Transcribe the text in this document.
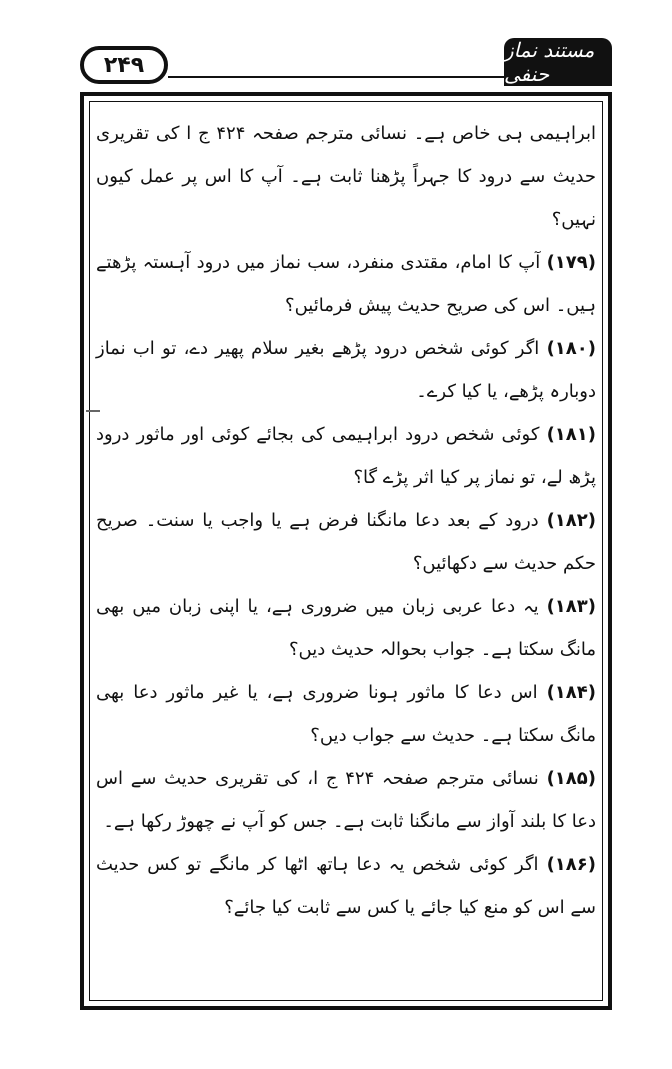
۲۴۹
مستند نماز حنفی

ابراہیمی ہی خاص ہے۔ نسائی مترجم صفحہ ۴۲۴ ج ا کی تقریری حدیث سے درود کا جہراً پڑھنا ثابت ہے۔ آپ کا اس پر عمل کیوں نہیں؟

(۱۷۹) آپ کا امام، مقتدی منفرد، سب نماز میں درود آہستہ پڑھتے ہیں۔ اس کی صریح حدیث پیش فرمائیں؟

(۱۸۰) اگر کوئی شخص درود پڑھے بغیر سلام پھیر دے، تو اب نماز دوبارہ پڑھے، یا کیا کرے۔

(۱۸۱) کوئی شخص درود ابراہیمی کی بجائے کوئی اور ماثور درود پڑھ لے، تو نماز پر کیا اثر پڑے گا؟

(۱۸۲) درود کے بعد دعا مانگنا فرض ہے یا واجب یا سنت۔ صریح حکم حدیث سے دکھائیں؟

(۱۸۳) یہ دعا عربی زبان میں ضروری ہے، یا اپنی زبان میں بھی مانگ سکتا ہے۔ جواب بحوالہ حدیث دیں؟

(۱۸۴) اس دعا کا ماثور ہونا ضروری ہے، یا غیر ماثور دعا بھی مانگ سکتا ہے۔ حدیث سے جواب دیں؟

(۱۸۵) نسائی مترجم صفحہ ۴۲۴ ج ا، کی تقریری حدیث سے اس دعا کا بلند آواز سے مانگنا ثابت ہے۔ جس کو آپ نے چھوڑ رکھا ہے۔

(۱۸۶) اگر کوئی شخص یہ دعا ہاتھ اٹھا کر مانگے تو کس حدیث سے اس کو منع کیا جائے یا کس سے ثابت کیا جائے؟
